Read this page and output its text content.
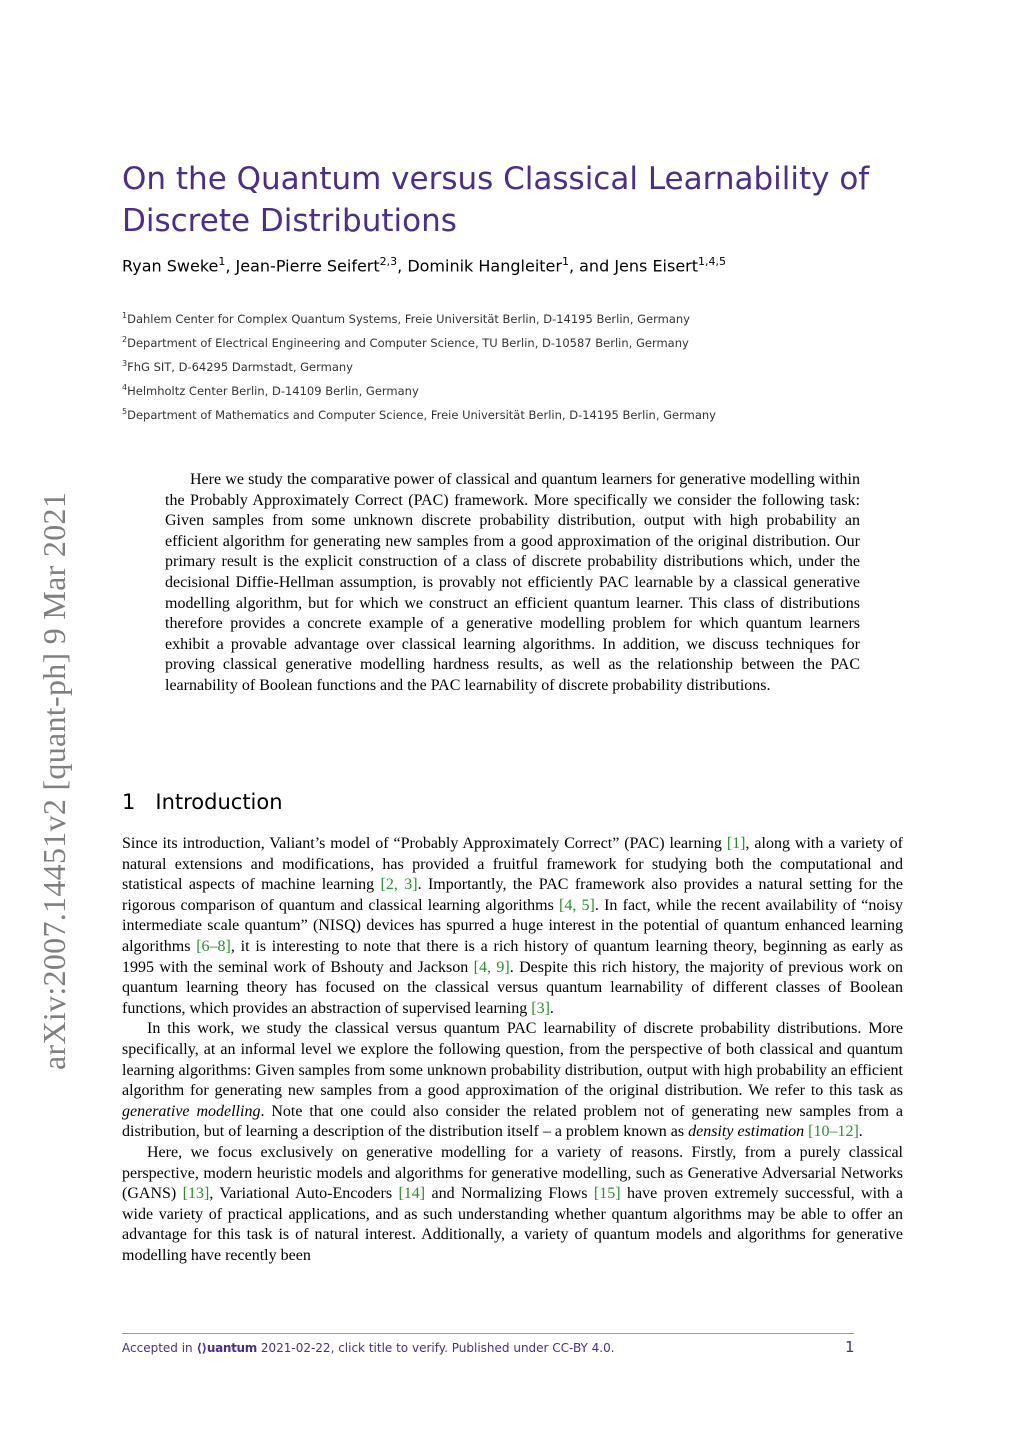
arXiv:2007.14451v2 [quant-ph] 9 Mar 2021
On the Quantum versus Classical Learnability of Discrete Distributions
Ryan Sweke$^1$, Jean-Pierre Seifert$^{2,3}$, Dominik Hangleiter$^1$, and Jens Eisert$^{1,4,5}$
$^1$Dahlem Center for Complex Quantum Systems, Freie Universität Berlin, D-14195 Berlin, Germany
$^2$Department of Electrical Engineering and Computer Science, TU Berlin, D-10587 Berlin, Germany
$^3$FhG SIT, D-64295 Darmstadt, Germany
$^4$Helmholtz Center Berlin, D-14109 Berlin, Germany
$^5$Department of Mathematics and Computer Science, Freie Universität Berlin, D-14195 Berlin, Germany

Here we study the comparative power of classical and quantum learners for generative modelling within the Probably Approximately Correct (PAC) framework. More specifically we consider the following task: Given samples from some unknown discrete probability distribution, output with high probability an efficient algorithm for generating new samples from a good approximation of the original distribution. Our primary result is the explicit construction of a class of discrete probability distributions which, under the decisional Diffie-Hellman assumption, is provably not efficiently PAC learnable by a classical generative modelling algorithm, but for which we construct an efficient quantum learner. This class of distributions therefore provides a concrete example of a generative modelling problem for which quantum learners exhibit a provable advantage over classical learning algorithms. In addition, we discuss techniques for proving classical generative modelling hardness results, as well as the relationship between the PAC learnability of Boolean functions and the PAC learnability of discrete probability distributions.

1 Introduction

Since its introduction, Valiant’s model of “Probably Approximately Correct” (PAC) learning [1], along with a variety of natural extensions and modifications, has provided a fruitful framework for studying both the computational and statistical aspects of machine learning [2, 3]. Importantly, the PAC framework also provides a natural setting for the rigorous comparison of quantum and classical learning algorithms [4, 5]. In fact, while the recent availability of “noisy intermediate scale quantum” (NISQ) devices has spurred a huge interest in the potential of quantum enhanced learning algorithms [6–8], it is interesting to note that there is a rich history of quantum learning theory, beginning as early as 1995 with the seminal work of Bshouty and Jackson [4, 9]. Despite this rich history, the majority of previous work on quantum learning theory has focused on the classical versus quantum learnability of different classes of Boolean functions, which provides an abstraction of supervised learning [3].

In this work, we study the classical versus quantum PAC learnability of discrete probability distributions. More specifically, at an informal level we explore the following question, from the perspective of both classical and quantum learning algorithms: Given samples from some unknown probability distribution, output with high probability an efficient algorithm for generating new samples from a good approximation of the original distribution. We refer to this task as generative modelling. Note that one could also consider the related problem not of generating new samples from a distribution, but of learning a description of the distribution itself – a problem known as density estimation [10–12].

Here, we focus exclusively on generative modelling for a variety of reasons. Firstly, from a purely classical perspective, modern heuristic models and algorithms for generative modelling, such as Generative Adversarial Networks (GANS) [13], Variational Auto-Encoders [14] and Normalizing Flows [15] have proven extremely successful, with a wide variety of practical applications, and as such understanding whether quantum algorithms may be able to offer an advantage for this task is of natural interest. Additionally, a variety of quantum models and algorithms for generative modelling have recently been

Accepted in ⟨⟩uantum 2021-02-22, click title to verify. Published under CC-BY 4.0.	1
